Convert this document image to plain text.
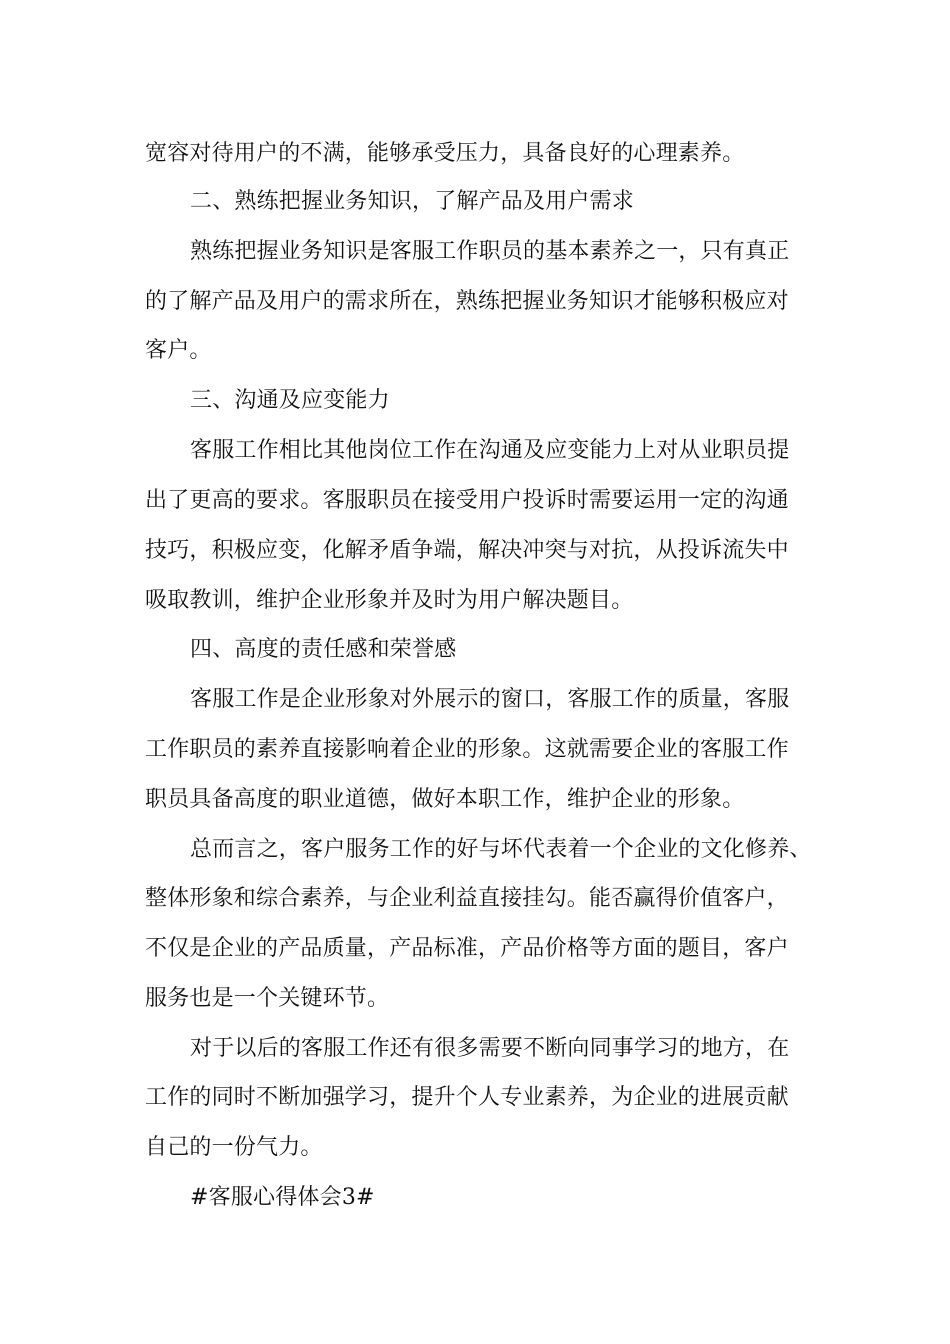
宽容对待用户的不满，能够承受压力，具备良好的心理素养。

二、熟练把握业务知识，了解产品及用户需求

熟练把握业务知识是客服工作职员的基本素养之一，只有真正

的了解产品及用户的需求所在，熟练把握业务知识才能够积极应对

客户。

三、沟通及应变能力

客服工作相比其他岗位工作在沟通及应变能力上对从业职员提

出了更高的要求。客服职员在接受用户投诉时需要运用一定的沟通

技巧，积极应变，化解矛盾争端，解决冲突与对抗，从投诉流失中

吸取教训，维护企业形象并及时为用户解决题目。

四、高度的责任感和荣誉感

客服工作是企业形象对外展示的窗口，客服工作的质量，客服

工作职员的素养直接影响着企业的形象。这就需要企业的客服工作

职员具备高度的职业道德，做好本职工作，维护企业的形象。

总而言之，客户服务工作的好与坏代表着一个企业的文化修养、

整体形象和综合素养，与企业利益直接挂勾。能否赢得价值客户，

不仅是企业的产品质量，产品标准，产品价格等方面的题目，客户

服务也是一个关键环节。

对于以后的客服工作还有很多需要不断向同事学习的地方，在

工作的同时不断加强学习，提升个人专业素养，为企业的进展贡献

自己的一份气力。

#客服心得体会3#
